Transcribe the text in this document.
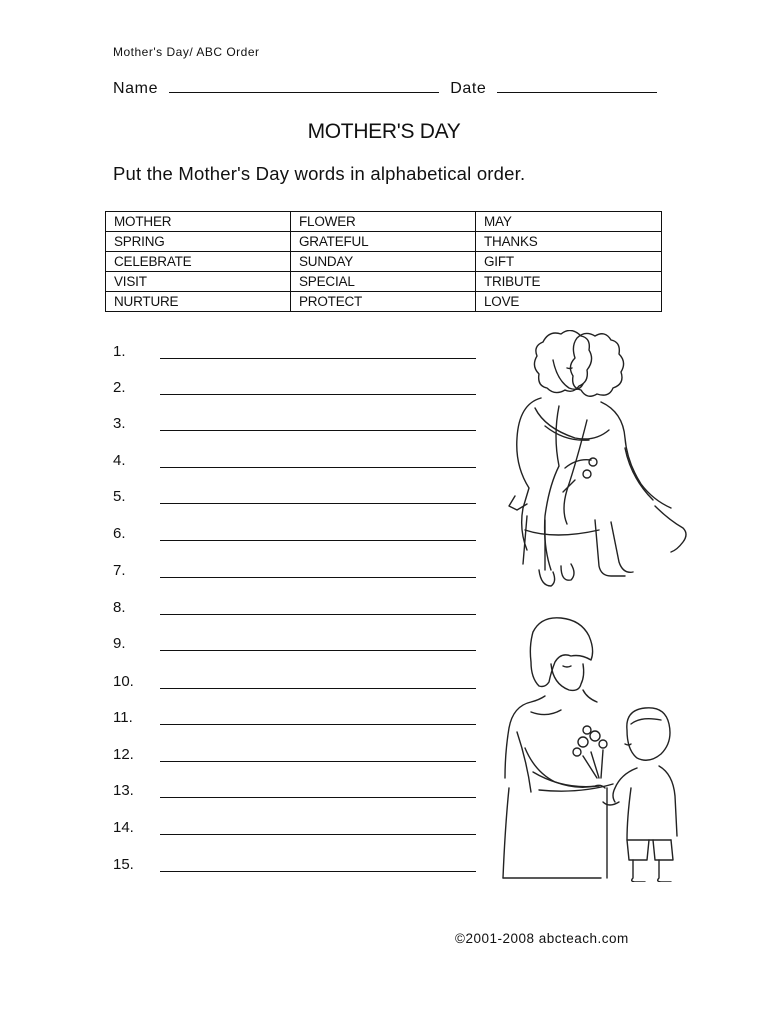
Mother's Day/ ABC Order
Name	Date
MOTHER'S DAY
Put the Mother's Day words in alphabetical order.
MOTHER	FLOWER	MAY
SPRING	GRATEFUL	THANKS
CELEBRATE	SUNDAY	GIFT
VISIT	SPECIAL	TRIBUTE
NURTURE	PROTECT	LOVE
1.
2.
3.
4.
5.
6.
7.
8.
9.
10.
11.
12.
13.
14.
15.
©2001-2008 abcteach.com
